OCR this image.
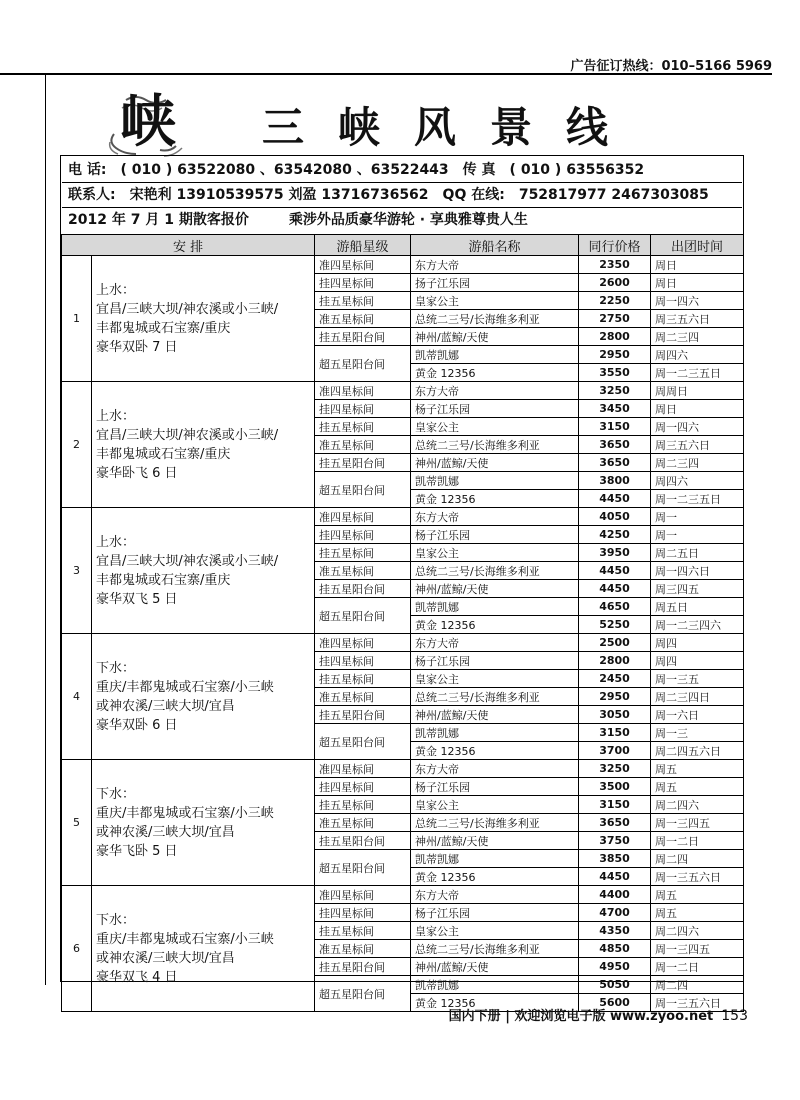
广告征订热线：010–5166 5969
峡 三峡风景线
电 话: ( 010 ) 63522080 、63542080 、63522443 传 真 ( 010 ) 63556352
联系人: 宋艳利 13910539575 刘盈 13716736562 QQ 在线: 752817977 2467303085
2012 年 7 月 1 期散客报价	乘涉外品质豪华游轮 · 享典雅尊贵人生
安 排		游船星级	游船名称	同行价格	出团时间
1	上水：
宜昌/三峡大坝/神农溪或小三峡/
丰都鬼城或石宝寨/重庆
豪华双卧 7 日	准四星标间	东方大帝	2350	周日
		挂四星标间	扬子江乐园	2600	周日
		挂五星标间	皇家公主	2250	周一四六
		准五星标间	总统二三号/长海维多利亚	2750	周三五六日
		挂五星阳台间	神州/蓝鲸/天使	2800	周二三四
		超五星阳台间	凯蒂凯娜	2950	周四六
			黄金 12356	3550	周一二三五日
2	上水：
宜昌/三峡大坝/神农溪或小三峡/
丰都鬼城或石宝寨/重庆
豪华卧飞 6 日	准四星标间	东方大帝	3250	周周日
		挂四星标间	杨子江乐园	3450	周日
		挂五星标间	皇家公主	3150	周一四六
		准五星标间	总统二三号/长海维多利亚	3650	周三五六日
		挂五星阳台间	神州/蓝鲸/天使	3650	周二三四
		超五星阳台间	凯蒂凯娜	3800	周四六
			黄金 12356	4450	周一二三五日
3	上水：
宜昌/三峡大坝/神农溪或小三峡/
丰都鬼城或石宝寨/重庆
豪华双飞 5 日	准四星标间	东方大帝	4050	周一
		挂四星标间	杨子江乐园	4250	周一
		挂五星标间	皇家公主	3950	周二五日
		准五星标间	总统二三号/长海维多利亚	4450	周一四六日
		挂五星阳台间	神州/蓝鲸/天使	4450	周三四五
		超五星阳台间	凯蒂凯娜	4650	周五日
			黄金 12356	5250	周一二三四六
4	下水：
重庆/丰都鬼城或石宝寨/小三峡
或神农溪/三峡大坝/宜昌
豪华双卧 6 日	准四星标间	东方大帝	2500	周四
		挂四星标间	杨子江乐园	2800	周四
		挂五星标间	皇家公主	2450	周一三五
		准五星标间	总统二三号/长海维多利亚	2950	周二三四日
		挂五星阳台间	神州/蓝鲸/天使	3050	周一六日
		超五星阳台间	凯蒂凯娜	3150	周一三
			黄金 12356	3700	周二四五六日
5	下水：
重庆/丰都鬼城或石宝寨/小三峡
或神农溪/三峡大坝/宜昌
豪华飞卧 5 日	准四星标间	东方大帝	3250	周五
		挂四星标间	杨子江乐园	3500	周五
		挂五星标间	皇家公主	3150	周二四六
		准五星标间	总统二三号/长海维多利亚	3650	周一三四五
		挂五星阳台间	神州/蓝鲸/天使	3750	周一二日
		超五星阳台间	凯蒂凯娜	3850	周二四
			黄金 12356	4450	周一三五六日
6	下水：
重庆/丰都鬼城或石宝寨/小三峡
或神农溪/三峡大坝/宜昌
豪华双飞 4 日	准四星标间	东方大帝	4400	周五
		挂四星标间	杨子江乐园	4700	周五
		挂五星标间	皇家公主	4350	周二四六
		准五星标间	总统二三号/长海维多利亚	4850	周一三四五
		挂五星阳台间	神州/蓝鲸/天使	4950	周一二日
		超五星阳台间	凯蒂凯娜	5050	周二四
			黄金 12356	5600	周一三五六日
国内下册 | 欢迎浏览电子版 www.zyoo.net 153
